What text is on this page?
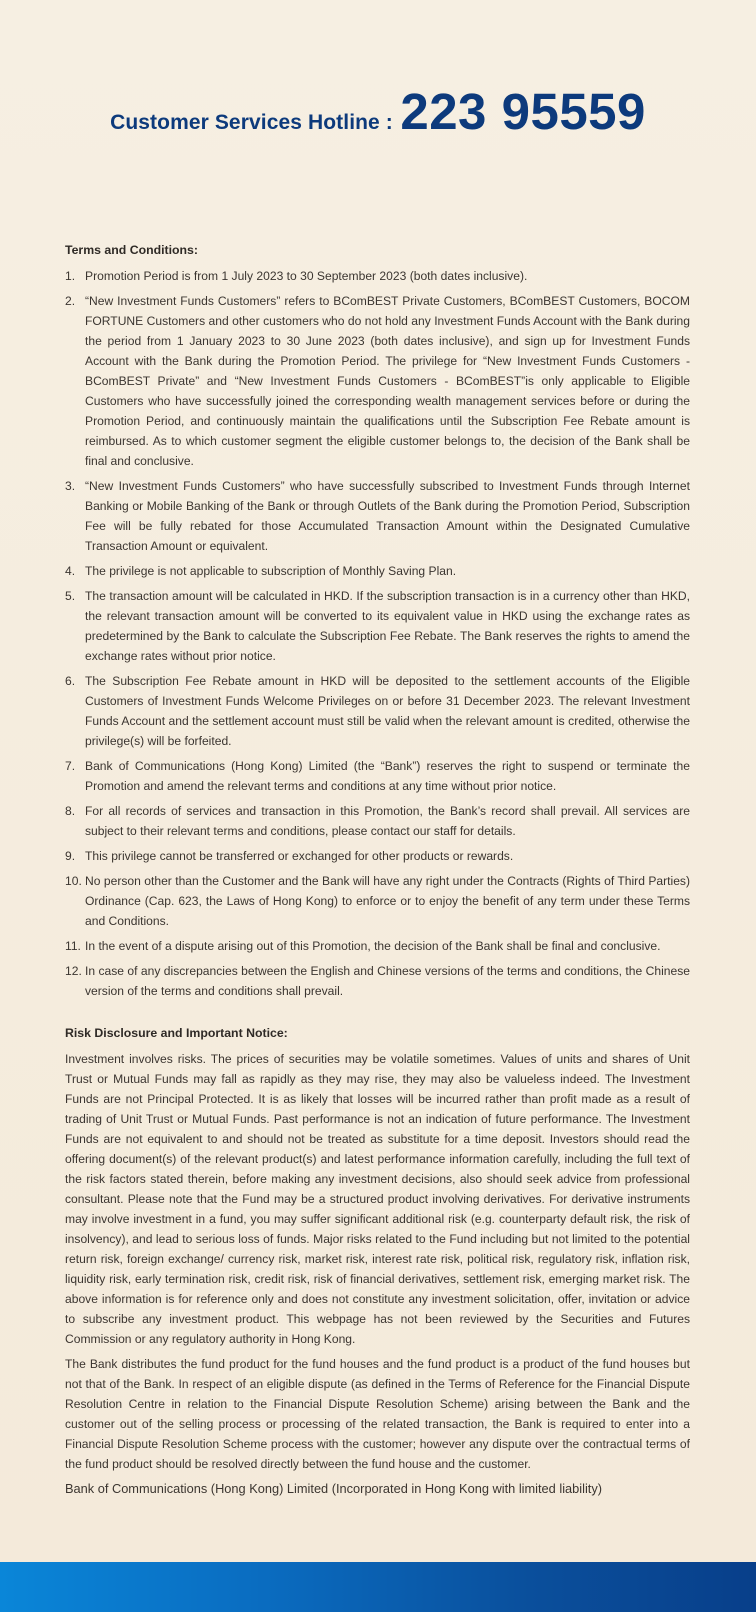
Customer Services Hotline : 223 95559
Terms and Conditions:
1. Promotion Period is from 1 July 2023 to 30 September 2023 (both dates inclusive).
2. “New Investment Funds Customers” refers to BComBEST Private Customers, BComBEST Customers, BOCOM FORTUNE Customers and other customers who do not hold any Investment Funds Account with the Bank during the period from 1 January 2023 to 30 June 2023 (both dates inclusive), and sign up for Investment Funds Account with the Bank during the Promotion Period. The privilege for “New Investment Funds Customers - BComBEST Private” and “New Investment Funds Customers - BComBEST”is only applicable to Eligible Customers who have successfully joined the corresponding wealth management services before or during the Promotion Period, and continuously maintain the qualifications until the Subscription Fee Rebate amount is reimbursed. As to which customer segment the eligible customer belongs to, the decision of the Bank shall be final and conclusive.
3. “New Investment Funds Customers” who have successfully subscribed to Investment Funds through Internet Banking or Mobile Banking of the Bank or through Outlets of the Bank during the Promotion Period, Subscription Fee will be fully rebated for those Accumulated Transaction Amount within the Designated Cumulative Transaction Amount or equivalent.
4. The privilege is not applicable to subscription of Monthly Saving Plan.
5. The transaction amount will be calculated in HKD. If the subscription transaction is in a currency other than HKD, the relevant transaction amount will be converted to its equivalent value in HKD using the exchange rates as predetermined by the Bank to calculate the Subscription Fee Rebate. The Bank reserves the rights to amend the exchange rates without prior notice.
6. The Subscription Fee Rebate amount in HKD will be deposited to the settlement accounts of the Eligible Customers of Investment Funds Welcome Privileges on or before 31 December 2023. The relevant Investment Funds Account and the settlement account must still be valid when the relevant amount is credited, otherwise the privilege(s) will be forfeited.
7. Bank of Communications (Hong Kong) Limited (the “Bank”) reserves the right to suspend or terminate the Promotion and amend the relevant terms and conditions at any time without prior notice.
8. For all records of services and transaction in this Promotion, the Bank’s record shall prevail. All services are subject to their relevant terms and conditions, please contact our staff for details.
9. This privilege cannot be transferred or exchanged for other products or rewards.
10. No person other than the Customer and the Bank will have any right under the Contracts (Rights of Third Parties) Ordinance (Cap. 623, the Laws of Hong Kong) to enforce or to enjoy the benefit of any term under these Terms and Conditions.
11. In the event of a dispute arising out of this Promotion, the decision of the Bank shall be final and conclusive.
12. In case of any discrepancies between the English and Chinese versions of the terms and conditions, the Chinese version of the terms and conditions shall prevail.
Risk Disclosure and Important Notice:

Investment involves risks. The prices of securities may be volatile sometimes. Values of units and shares of Unit Trust or Mutual Funds may fall as rapidly as they may rise, they may also be valueless indeed. The Investment Funds are not Principal Protected. It is as likely that losses will be incurred rather than profit made as a result of trading of Unit Trust or Mutual Funds. Past performance is not an indication of future performance. The Investment Funds are not equivalent to and should not be treated as substitute for a time deposit. Investors should read the offering document(s) of the relevant product(s) and latest performance information carefully, including the full text of the risk factors stated therein, before making any investment decisions, also should seek advice from professional consultant. Please note that the Fund may be a structured product involving derivatives. For derivative instruments may involve investment in a fund, you may suffer significant additional risk (e.g. counterparty default risk, the risk of insolvency), and lead to serious loss of funds. Major risks related to the Fund including but not limited to the potential return risk, foreign exchange/ currency risk, market risk, interest rate risk, political risk, regulatory risk, inflation risk, liquidity risk, early termination risk, credit risk, risk of financial derivatives, settlement risk, emerging market risk. The above information is for reference only and does not constitute any investment solicitation, offer, invitation or advice to subscribe any investment product. This webpage has not been reviewed by the Securities and Futures Commission or any regulatory authority in Hong Kong.

The Bank distributes the fund product for the fund houses and the fund product is a product of the fund houses but not that of the Bank. In respect of an eligible dispute (as defined in the Terms of Reference for the Financial Dispute Resolution Centre in relation to the Financial Dispute Resolution Scheme) arising between the Bank and the customer out of the selling process or processing of the related transaction, the Bank is required to enter into a Financial Dispute Resolution Scheme process with the customer; however any dispute over the contractual terms of the fund product should be resolved directly between the fund house and the customer.

Bank of Communications (Hong Kong) Limited (Incorporated in Hong Kong with limited liability)
